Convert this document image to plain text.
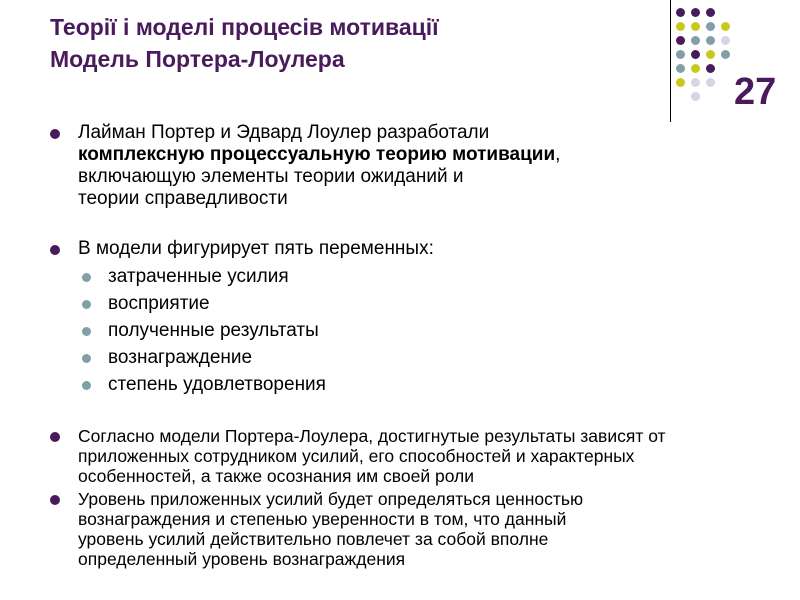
Теорії і моделі процесів мотивації
Модель Портера-Лоулера
27

Лайман Портер и Эдвард Лоулер разработали
комплексную процессуальную теорию мотивации,
включающую элементы теории ожиданий и
теории справедливости

В модели фигурирует пять переменных:

затраченные усилия

восприятие

полученные результаты

вознаграждение

степень удовлетворения

Согласно модели Портера-Лоулера, достигнутые результаты зависят от
приложенных сотрудником усилий, его способностей и характерных
особенностей, а также осознания им своей роли

Уровень приложенных усилий будет определяться ценностью
вознаграждения и степенью уверенности в том, что данный
уровень усилий действительно повлечет за собой вполне
определенный уровень вознаграждения
